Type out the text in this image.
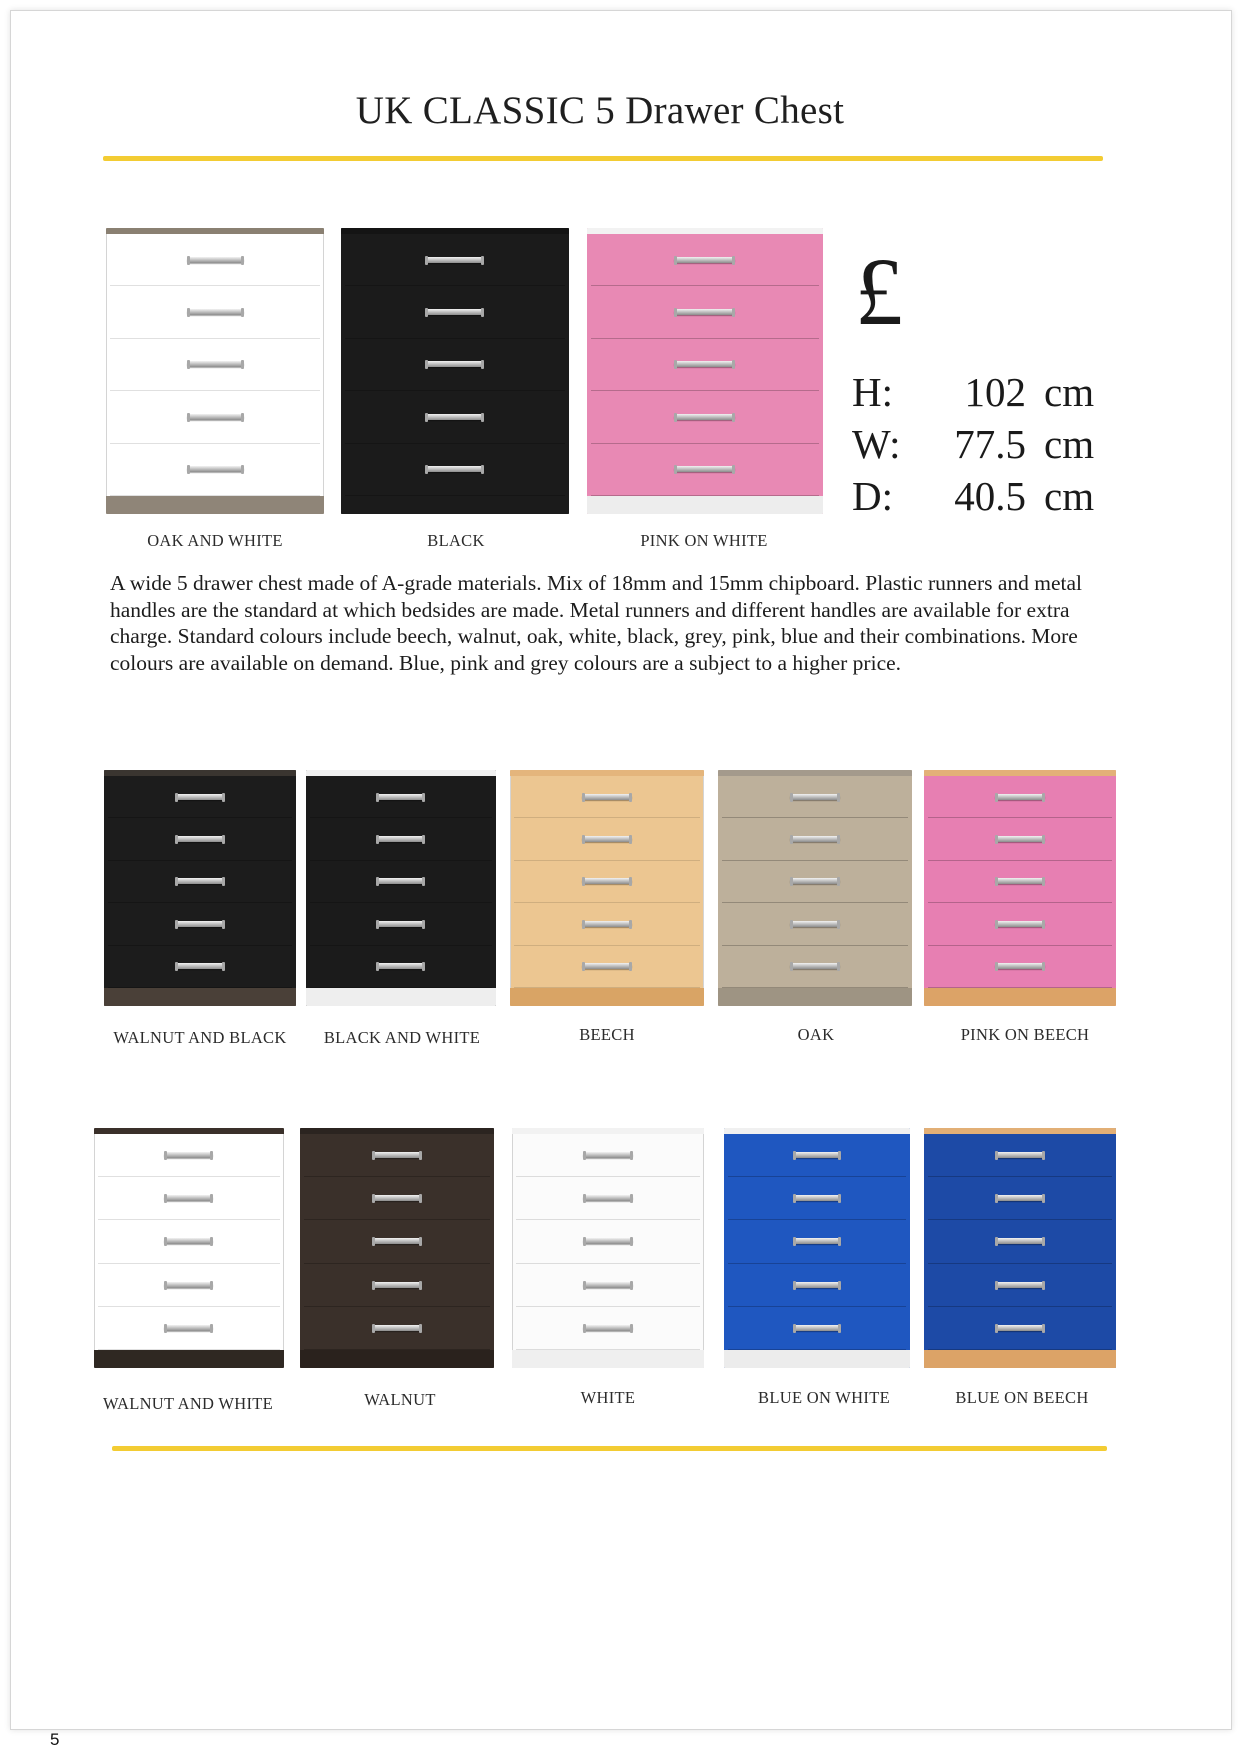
UK CLASSIC 5 Drawer Chest
OAK AND WHITE	BLACK	PINK ON WHITE
WALNUT AND BLACK	BLACK AND WHITE	BEECH	OAK	PINK ON BEECH
WALNUT AND WHITE	WALNUT	WHITE	BLUE ON WHITE	BLUE ON BEECH
£
H: 102 cm
W: 77.5 cm
D: 40.5 cm

A wide 5 drawer chest made of A-grade materials. Mix of 18mm and 15mm chipboard. Plastic runners and metal handles are the standard at which bedsides are made. Metal runners and different handles are available for extra charge. Standard colours include beech, walnut, oak, white, black, grey, pink, blue and their combinations. More colours are available on demand. Blue, pink and grey colours are a subject to a higher price.

5
